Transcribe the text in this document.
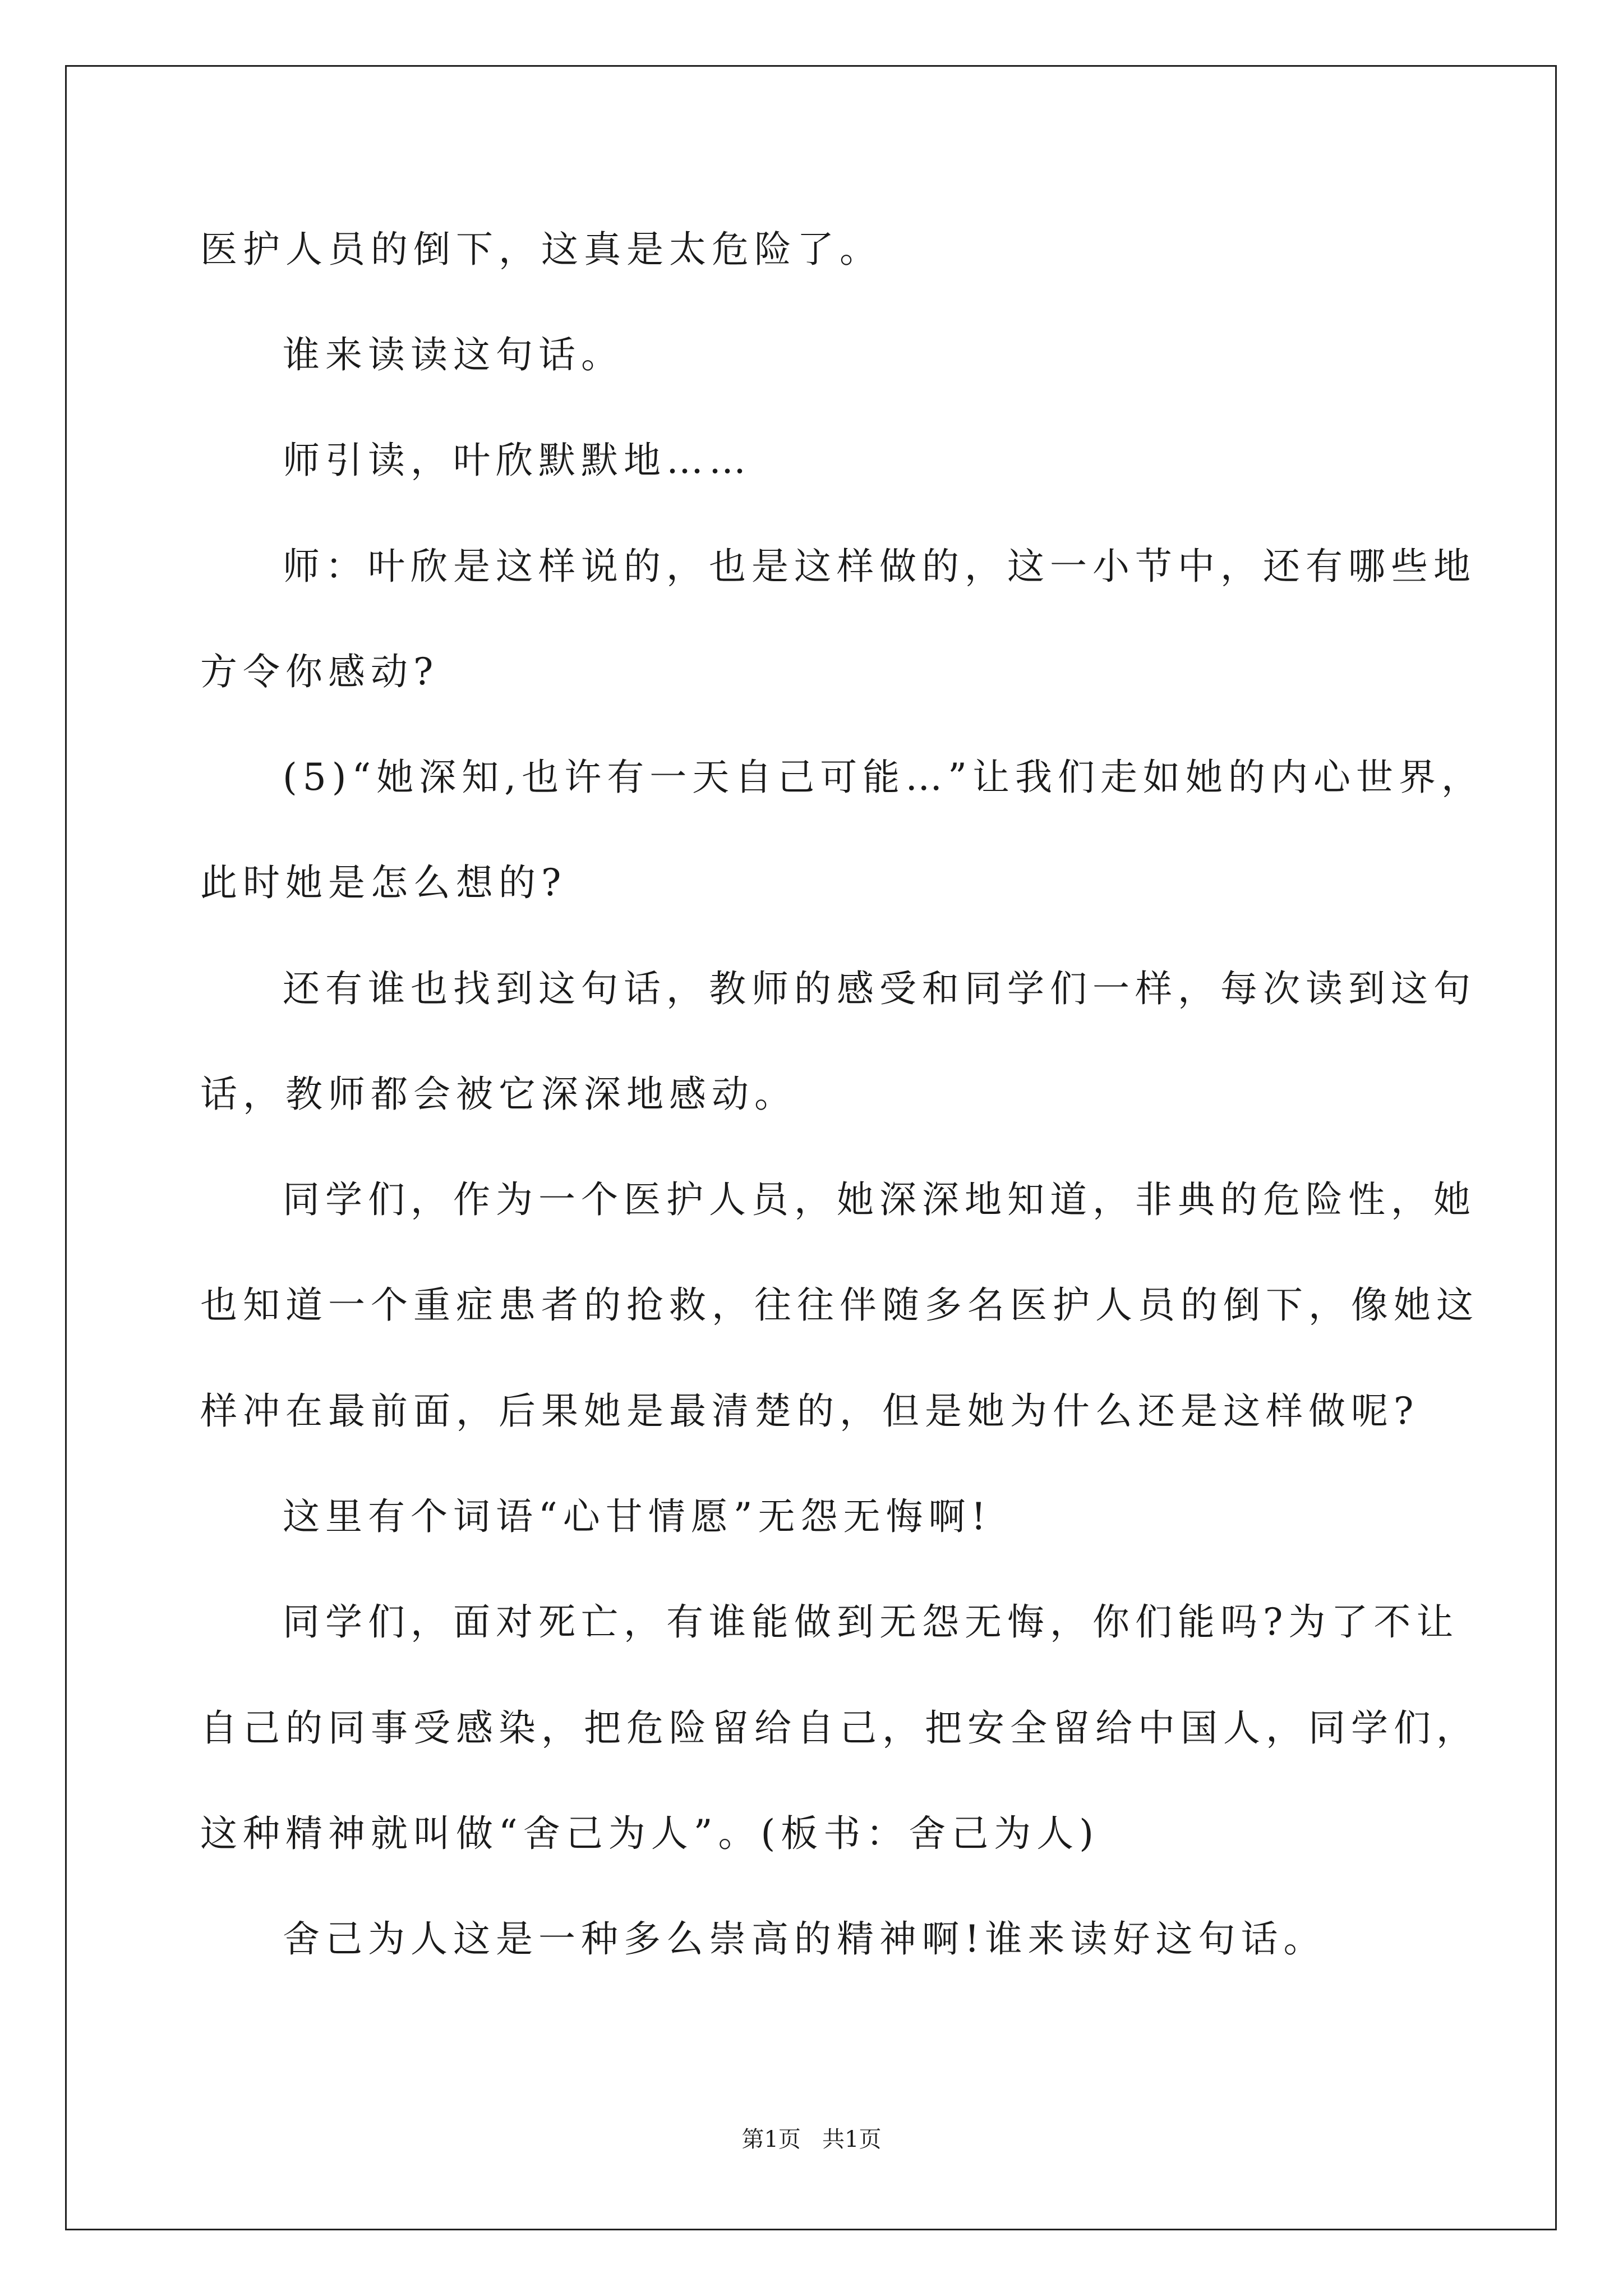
医护人员的倒下，这真是太危险了。

谁来读读这句话。

师引读，叶欣默默地……

师：叶欣是这样说的，也是这样做的，这一小节中，还有哪些地

方令你感动?

(5)“她深知,也许有一天自己可能…”让我们走如她的内心世界，

此时她是怎么想的?

还有谁也找到这句话，教师的感受和同学们一样，每次读到这句

话，教师都会被它深深地感动。

同学们，作为一个医护人员，她深深地知道，非典的危险性，她

也知道一个重症患者的抢救，往往伴随多名医护人员的倒下，像她这

样冲在最前面，后果她是最清楚的，但是她为什么还是这样做呢?

这里有个词语“心甘情愿”无怨无悔啊!

同学们，面对死亡，有谁能做到无怨无悔，你们能吗?为了不让

自己的同事受感染，把危险留给自己，把安全留给中国人，同学们，

这种精神就叫做“舍己为人”。(板书：舍己为人)

舍己为人这是一种多么崇高的精神啊!谁来读好这句话。

第1页   共1页
